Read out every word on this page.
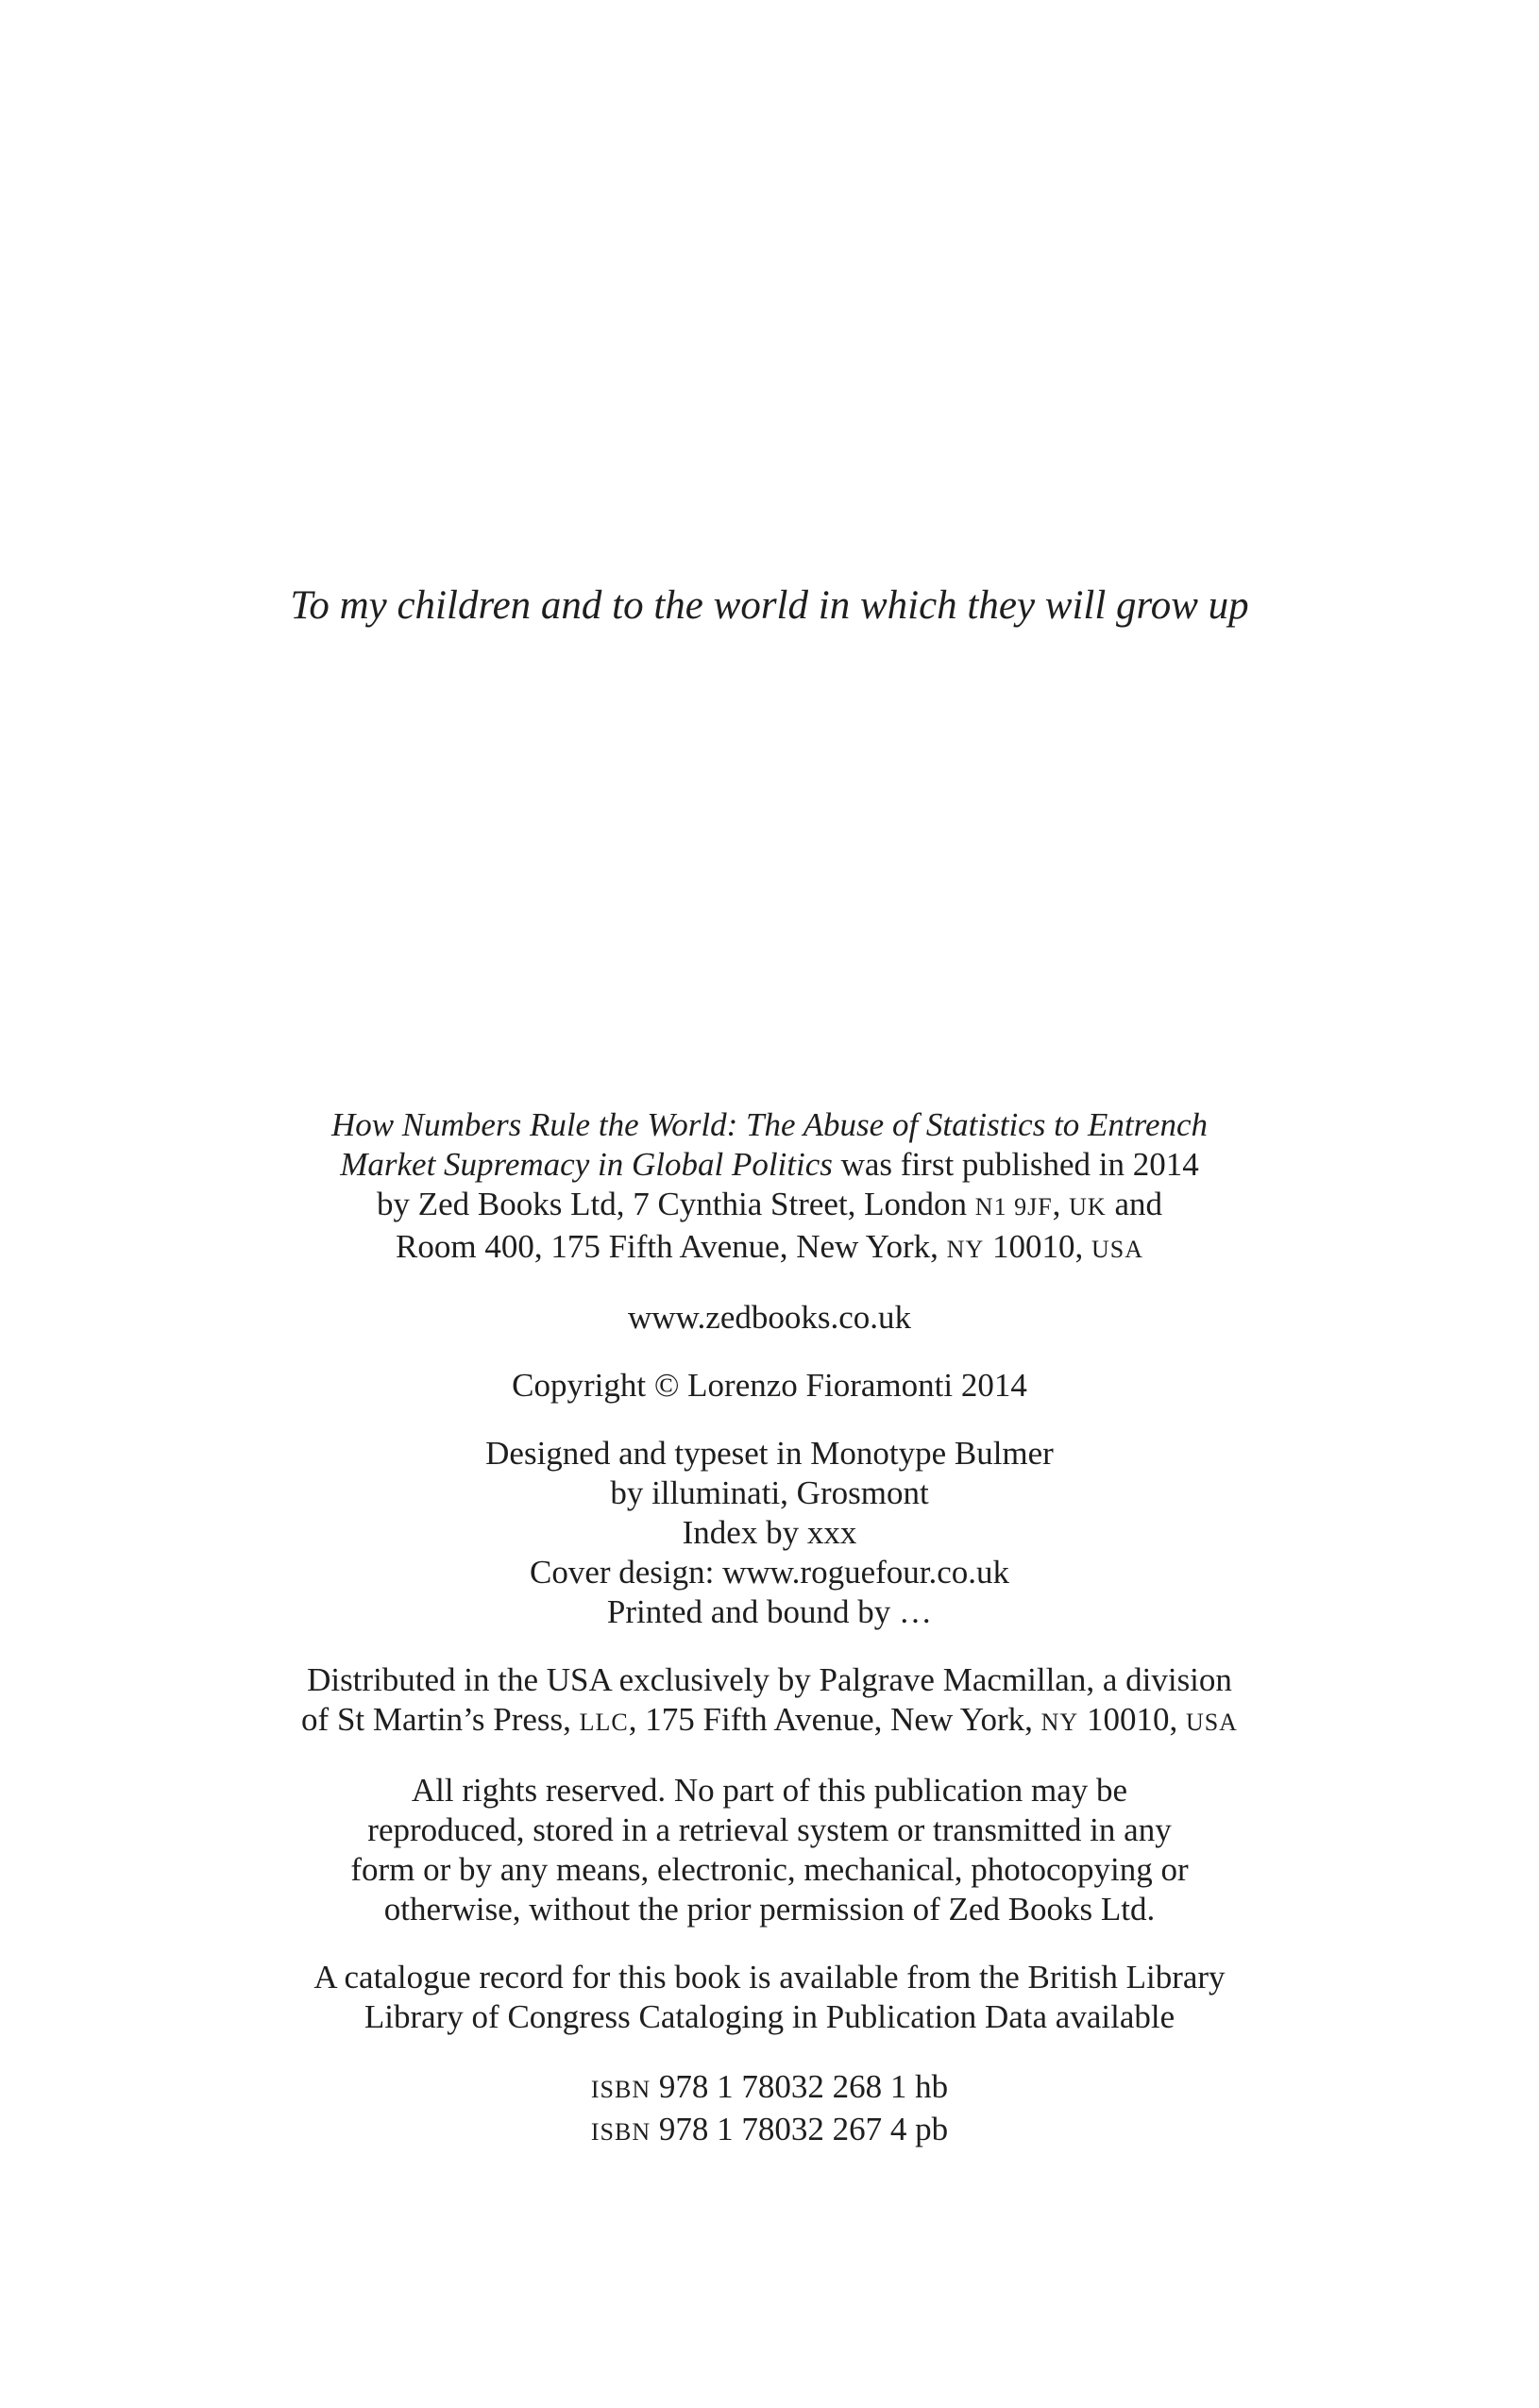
To my children and to the world in which they will grow up

How Numbers Rule the World: The Abuse of Statistics to Entrench
Market Supremacy in Global Politics was first published in 2014
by Zed Books Ltd, 7 Cynthia Street, London N1 9JF, UK and
Room 400, 175 Fifth Avenue, New York, NY 10010, USA

www.zedbooks.co.uk

Copyright © Lorenzo Fioramonti 2014

Designed and typeset in Monotype Bulmer
by illuminati, Grosmont
Index by xxx
Cover design: www.roguefour.co.uk
Printed and bound by …

Distributed in the USA exclusively by Palgrave Macmillan, a division
of St Martin’s Press, LLC, 175 Fifth Avenue, New York, NY 10010, USA

All rights reserved. No part of this publication may be
reproduced, stored in a retrieval system or transmitted in any
form or by any means, electronic, mechanical, photocopying or
otherwise, without the prior permission of Zed Books Ltd.

A catalogue record for this book is available from the British Library
Library of Congress Cataloging in Publication Data available

ISBN 978 1 78032 268 1 hb
ISBN 978 1 78032 267 4 pb
